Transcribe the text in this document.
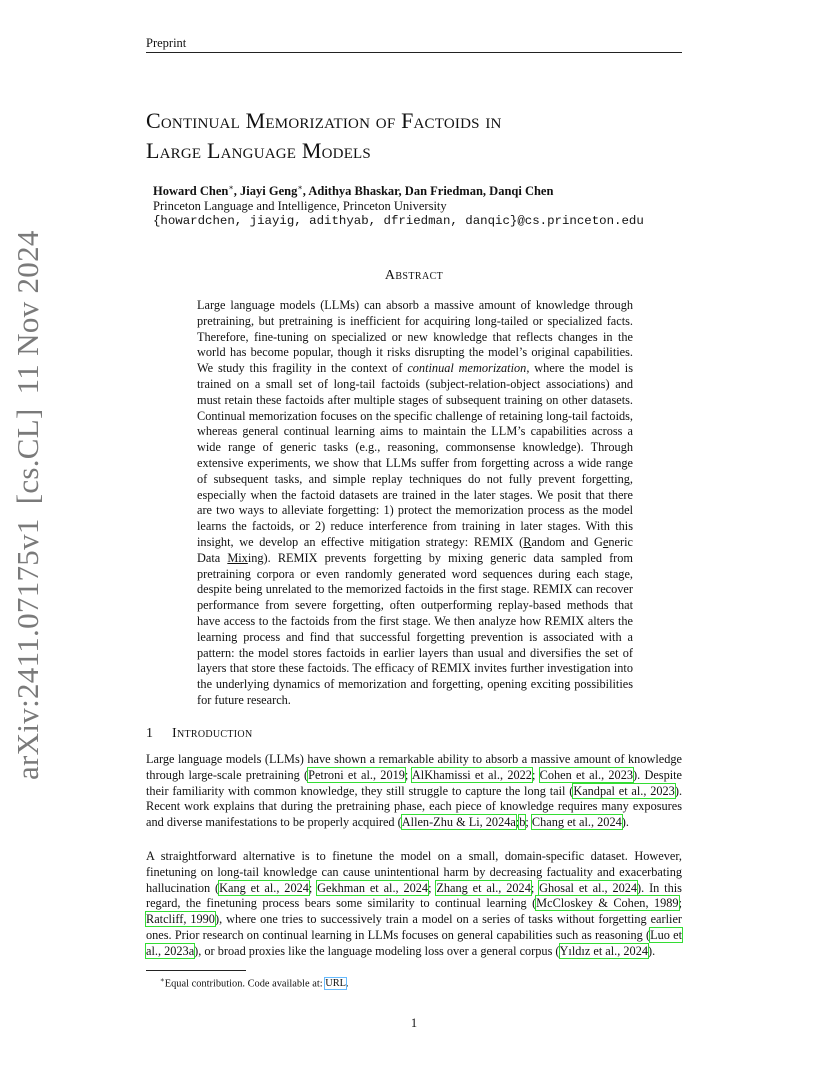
Preprint
arXiv:2411.07175v1[cs.CL]11 Nov 2024
Continual Memorization of Factoids in
Large Language Models
Howard Chen∗, Jiayi Geng∗, Adithya Bhaskar, Dan Friedman, Danqi Chen
Princeton Language and Intelligence, Princeton University
{howardchen, jiayig, adithyab, dfriedman, danqic}@cs.princeton.edu
Abstract
Large language models (LLMs) can absorb a massive amount of knowledge through pretraining, but pretraining is inefficient for acquiring long-tailed or specialized facts. Therefore, fine-tuning on specialized or new knowledge that reflects changes in the world has become popular, though it risks disrupting the model’s original capabilities. We study this fragility in the context of continual memorization, where the model is trained on a small set of long-tail factoids (subject-relation-object associations) and must retain these factoids after multiple stages of subsequent training on other datasets. Continual memorization focuses on the specific challenge of retaining long-tail factoids, whereas general continual learning aims to maintain the LLM’s capabilities across a wide range of generic tasks (e.g., reasoning, commonsense knowledge). Through extensive experiments, we show that LLMs suffer from forgetting across a wide range of subsequent tasks, and simple replay techniques do not fully prevent forgetting, especially when the factoid datasets are trained in the later stages. We posit that there are two ways to alleviate forgetting: 1) protect the memorization process as the model learns the factoids, or 2) reduce interference from training in later stages. With this insight, we develop an effective mitigation strategy: REMIX (Random and Generic Data Mixing). REMIX prevents forgetting by mixing generic data sampled from pretraining corpora or even randomly generated word sequences during each stage, despite being unrelated to the memorized factoids in the first stage. REMIX can recover performance from severe forgetting, often outperforming replay-based methods that have access to the factoids from the first stage. We then analyze how REMIX alters the learning process and find that successful forgetting prevention is associated with a pattern: the model stores factoids in earlier layers than usual and diversifies the set of layers that store these factoids. The efficacy of REMIX invites further investigation into the underlying dynamics of memorization and forgetting, opening exciting possibilities for future research.
1 Introduction

Large language models (LLMs) have shown a remarkable ability to absorb a massive amount of knowledge through large-scale pretraining (Petroni et al., 2019; AlKhamissi et al., 2022; Cohen et al., 2023). Despite their familiarity with common knowledge, they still struggle to capture the long tail (Kandpal et al., 2023). Recent work explains that during the pretraining phase, each piece of knowledge requires many exposures and diverse manifestations to be properly acquired (Allen-Zhu & Li, 2024a;b; Chang et al., 2024).

A straightforward alternative is to finetune the model on a small, domain-specific dataset. However, finetuning on long-tail knowledge can cause unintentional harm by decreasing factuality and exacerbating hallucination (Kang et al., 2024; Gekhman et al., 2024; Zhang et al., 2024; Ghosal et al., 2024). In this regard, the finetuning process bears some similarity to continual learning (McCloskey & Cohen, 1989; Ratcliff, 1990), where one tries to successively train a model on a series of tasks without forgetting earlier ones. Prior research on continual learning in LLMs focuses on general capabilities such as reasoning (Luo et al., 2023a), or broad proxies like the language modeling loss over a general corpus (Yıldız et al., 2024).

∗Equal contribution. Code available at: URL.
1
